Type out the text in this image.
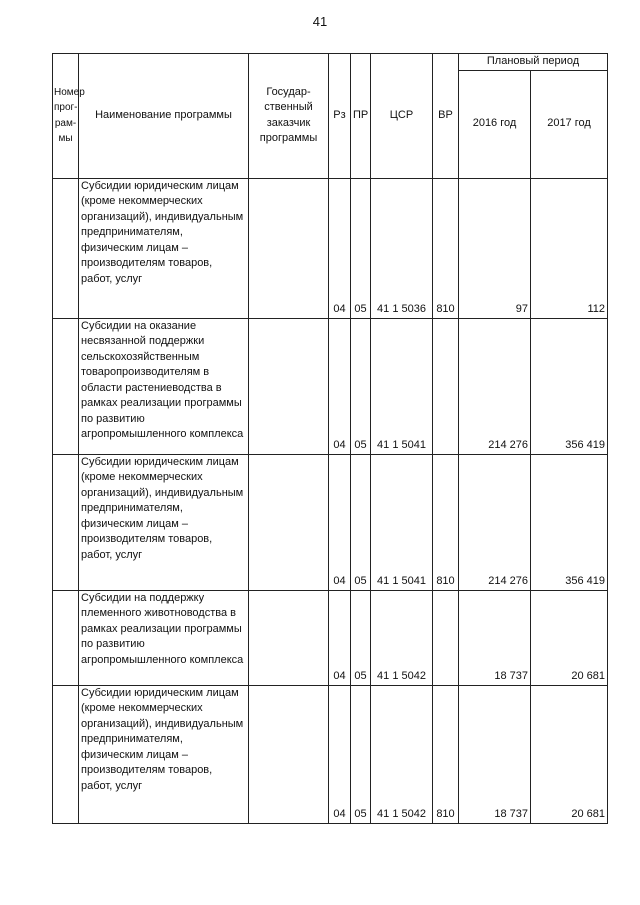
41
Номер прог-рам-мы	Наименование программы	Государ-ственный заказчик программы	Рз	ПР	ЦСР	ВР	Плановый период	
							2016 год	2017 год
	Субсидии юридическим лицам (кроме некоммерческих организаций), индивидуальным предпринимателям, физическим лицам – производителям товаров, работ, услуг		04	05	41 1 5036	810	97	112
	Субсидии на оказание несвязанной поддержки сельскохозяйственным товаропроизводителям в области растениеводства в рамках реализации программы по развитию агропромышленного комплекса		04	05	41 1 5041		214 276	356 419
	Субсидии юридическим лицам (кроме некоммерческих организаций), индивидуальным предпринимателям, физическим лицам – производителям товаров, работ, услуг		04	05	41 1 5041	810	214 276	356 419
	Субсидии на поддержку племенного животноводства в рамках реализации программы по развитию агропромышленного комплекса		04	05	41 1 5042		18 737	20 681
	Субсидии юридическим лицам (кроме некоммерческих организаций), индивидуальным предпринимателям, физическим лицам – производителям товаров, работ, услуг		04	05	41 1 5042	810	18 737	20 681
